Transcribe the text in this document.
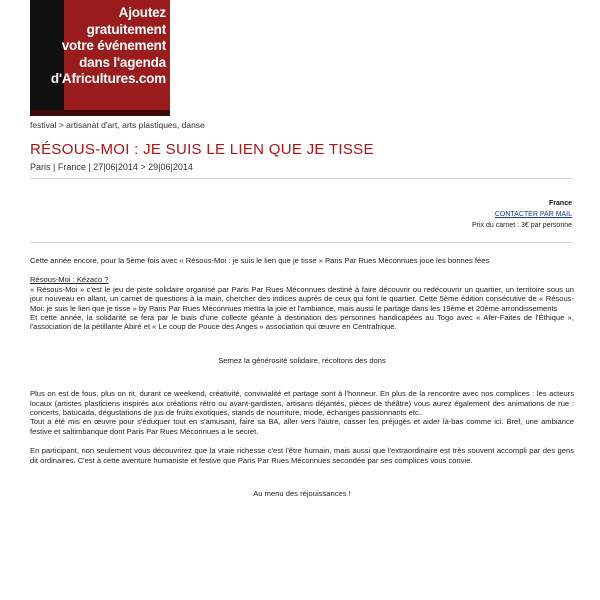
Ajoutez
gratuitement
votre événement
dans l'agenda
d'Africultures.com
festival > artisanat d'art, arts plastiques, danse
RÉSOUS-MOI : JE SUIS LE LIEN QUE JE TISSE
Paris | France | 27|06|2014 > 29|06|2014
France
CONTACTER PAR MAIL
Prix du carnet : 3€ par personne

Cette année encore, pour la 5ème fois avec « Résous-Moi : je suis le lien que je tisse » Paris Par Rues Méconnues joue les bonnes fées

Résous-Moi : Kézaco ?
« Résous-Moi » c'est le jeu de piste solidaire organisé par Paris Par Rues Méconnues destiné à faire découvrir ou redécouvrir un quartier, un territoire sous un jour nouveau en allant, un carnet de questions à la main, chercher des indices auprès de ceux qui font le quartier. Cette 5ème édition consécutive de « Résous-Moi: je suis le lien que je tisse » by Paris Par Rues Méconnues mettra la joie et l'ambiance, mais aussi le partage dans les 19ème et 20ème arrondissements
Et cette année, la solidarité se fera par le biais d'une collecte géante à destination des personnes handicapées au Togo avec « Afer-Faites de l'Éthique », l'association de la pétillante Abiré et « Le coup de Pouce des Anges » association qui œuvre en Centrafrique.
Semez la générosité solidaire, récoltons des dons

Plus on est de fous, plus on rit, durant ce weekend, créativité, convivialité et partage sont à l'honneur. En plus de la rencontre avec nos complices : les acteurs locaux (artistes plasticiens inspirés aux créations rétro ou avant-gardistes, artisans déjantés, pièces de théâtre) vous aurez également des animations de rue : concerts, batucada, dégustations de jus de fruits exotiques, stands de nourriture, mode, échanges passionnants etc..

Tout a été mis en œuvre pour s'éduquer tout en s'amusant, faire sa BA, aller vers l'autre, casser les préjugés et aider là-bas comme ici. Bref, une ambiance festive et saltimbanque dont Paris Par Rues Méconnues a le secret.

En participant, non seulement vous découvrirez que la vraie richesse c'est l'être humain, mais aussi que l'extraordinaire est très souvent accompli par des gens dit ordinaires. C'est à cette aventure humaniste et festive que Paris Par Rues Méconnues secondée par ses complices vous convie.

Au menu des réjouissances !
